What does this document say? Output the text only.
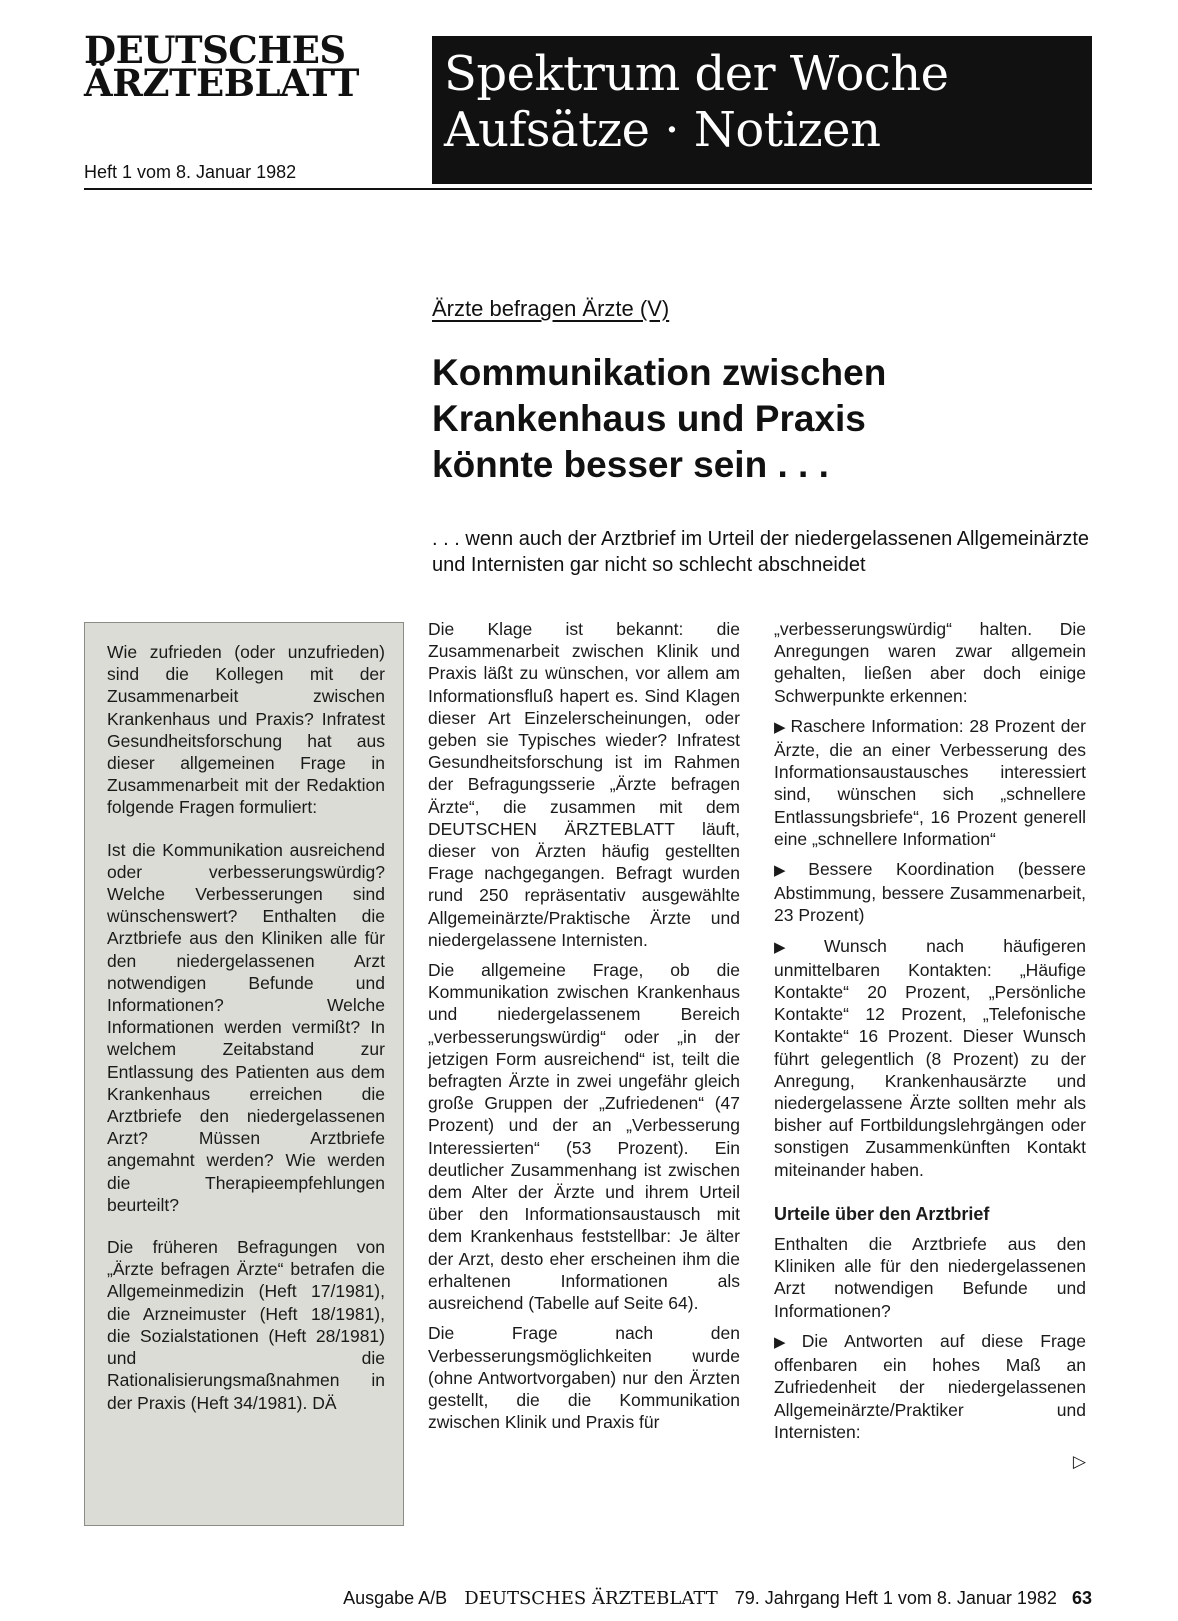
DEUTSCHES
ÄRZTEBLATT
Heft 1 vom 8. Januar 1982
Spektrum der Woche
Aufsätze · Notizen
Ärzte befragen Ärzte (V)
Kommunikation zwischen
Krankenhaus und Praxis
könnte besser sein . . .
. . . wenn auch der Arztbrief im Urteil der niedergelassenen Allgemeinärzte und Internisten gar nicht so schlecht abschneidet

Wie zufrieden (oder unzufrieden) sind die Kollegen mit der Zusammenarbeit zwischen Krankenhaus und Praxis? Infratest Gesundheitsforschung hat aus dieser allgemeinen Frage in Zusammenarbeit mit der Redaktion folgende Fragen formuliert:

Ist die Kommunikation ausreichend oder verbesserungswürdig? Welche Verbesserungen sind wünschenswert? Enthalten die Arztbriefe aus den Kliniken alle für den niedergelassenen Arzt notwendigen Befunde und Informationen? Welche Informationen werden vermißt? In welchem Zeitabstand zur Entlassung des Patienten aus dem Krankenhaus erreichen die Arztbriefe den niedergelassenen Arzt? Müssen Arztbriefe angemahnt werden? Wie werden die Therapieempfehlungen beurteilt?

Die früheren Befragungen von „Ärzte befragen Ärzte“ betrafen die Allgemeinmedizin (Heft 17/1981), die Arzneimuster (Heft 18/1981), die Sozialstationen (Heft 28/1981) und die Rationalisierungsmaßnahmen in der Praxis (Heft 34/1981). DÄ

Die Klage ist bekannt: die Zusammenarbeit zwischen Klinik und Praxis läßt zu wünschen, vor allem am Informationsfluß hapert es. Sind Klagen dieser Art Einzelerscheinungen, oder geben sie Typisches wieder? Infratest Gesundheitsforschung ist im Rahmen der Befragungsserie „Ärzte befragen Ärzte“, die zusammen mit dem DEUTSCHEN ÄRZTEBLATT läuft, dieser von Ärzten häufig gestellten Frage nachgegangen. Befragt wurden rund 250 repräsentativ ausgewählte Allgemeinärzte/Praktische Ärzte und niedergelassene Internisten.

Die allgemeine Frage, ob die Kommunikation zwischen Krankenhaus und niedergelassenem Bereich „verbesserungswürdig“ oder „in der jetzigen Form ausreichend“ ist, teilt die befragten Ärzte in zwei ungefähr gleich große Gruppen der „Zufriedenen“ (47 Prozent) und der an „Verbesserung Interessierten“ (53 Prozent). Ein deutlicher Zusammenhang ist zwischen dem Alter der Ärzte und ihrem Urteil über den Informationsaustausch mit dem Krankenhaus feststellbar: Je älter der Arzt, desto eher erscheinen ihm die erhaltenen Informationen als ausreichend (Tabelle auf Seite 64).

Die Frage nach den Verbesserungsmöglichkeiten wurde (ohne Antwortvorgaben) nur den Ärzten gestellt, die die Kommunikation zwischen Klinik und Praxis für

„verbesserungswürdig“ halten. Die Anregungen waren zwar allgemein gehalten, ließen aber doch einige Schwerpunkte erkennen:

▶ Raschere Information: 28 Prozent der Ärzte, die an einer Verbesserung des Informationsaustausches interessiert sind, wünschen sich „schnellere Entlassungsbriefe“, 16 Prozent generell eine „schnellere Information“

▶ Bessere Koordination (bessere Abstimmung, bessere Zusammenarbeit, 23 Prozent)

▶ Wunsch nach häufigeren unmittelbaren Kontakten: „Häufige Kontakte“ 20 Prozent, „Persönliche Kontakte“ 12 Prozent, „Telefonische Kontakte“ 16 Prozent. Dieser Wunsch führt gelegentlich (8 Prozent) zu der Anregung, Krankenhausärzte und niedergelassene Ärzte sollten mehr als bisher auf Fortbildungslehrgängen oder sonstigen Zusammenkünften Kontakt miteinander haben.

Urteile über den Arztbrief

Enthalten die Arztbriefe aus den Kliniken alle für den niedergelassenen Arzt notwendigen Befunde und Informationen?

▶ Die Antworten auf diese Frage offenbaren ein hohes Maß an Zufriedenheit der niedergelassenen Allgemeinärzte/Praktiker und Internisten:

▷
Ausgabe A/B DEUTSCHES ÄRZTEBLATT 79. Jahrgang Heft 1 vom 8. Januar 1982 63
